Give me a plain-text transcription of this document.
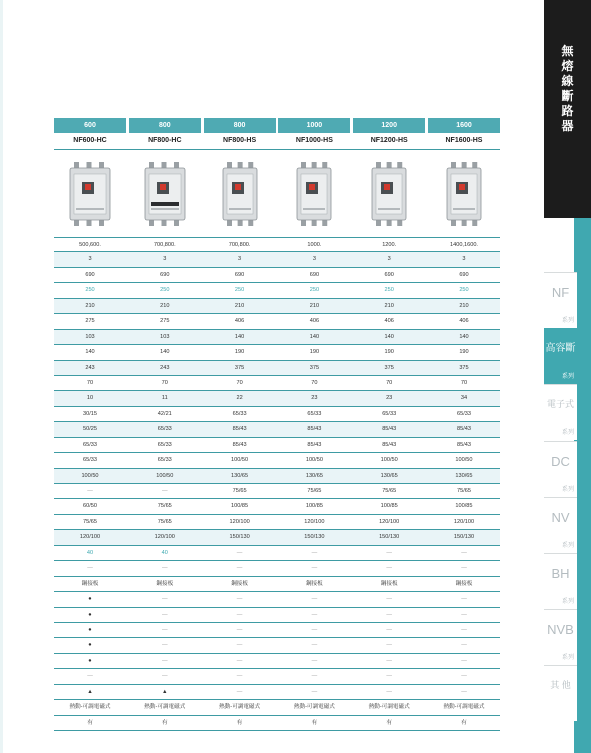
無
熔
線
斷
路
器
NF
系列
高容斷
系列
電子式
系列
DC
系列
NV
系列
BH
系列
NVB
系列
其 他
600	800	800	1000	1200	1600
NF600-HC	NF800-HC	NF800-HS	NF1000-HS	NF1200-HS	NF1600-HS
500,600.	700,800.	700,800.	1000.	1200.	1400,1600.
3	3	3	3	3	3
690	690	690	690	690	690
250	250	250	250	250	250
210	210	210	210	210	210
275	275	406	406	406	406
103	103	140	140	140	140
140	140	190	190	190	190
243	243	375	375	375	375
70	70	70	70	70	70
10	11	22	23	23	34
30/15	42/21	65/33	65/33	65/33	65/33
50/25	65/33	85/43	85/43	85/43	85/43
65/33	65/33	85/43	85/43	85/43	85/43
65/33	65/33	100/50	100/50	100/50	100/50
100/50	100/50	130/65	130/65	130/65	130/65
—	—	75/65	75/65	75/65	75/65
60/50	75/65	100/85	100/85	100/85	100/85
75/65	75/65	120/100	120/100	120/100	120/100
120/100	120/100	150/130	150/130	150/130	150/130
40	40	—	—	—	—
—	—	—	—	—	—
鋼接板	鋼接板	鋼接板	鋼接板	鋼接板	鋼接板
●	—	—	—	—	—
●	—	—	—	—	—
●	—	—	—	—	—
●	—	—	—	—	—
●	—	—	—	—	—
—	—	—	—	—	—
▲	▲	—	—	—	—
熱動-可調電磁式	熱動-可調電磁式	熱動-可調電磁式	熱動-可調電磁式	熱動-可調電磁式	熱動-可調電磁式
有	有	有	有	有	有
